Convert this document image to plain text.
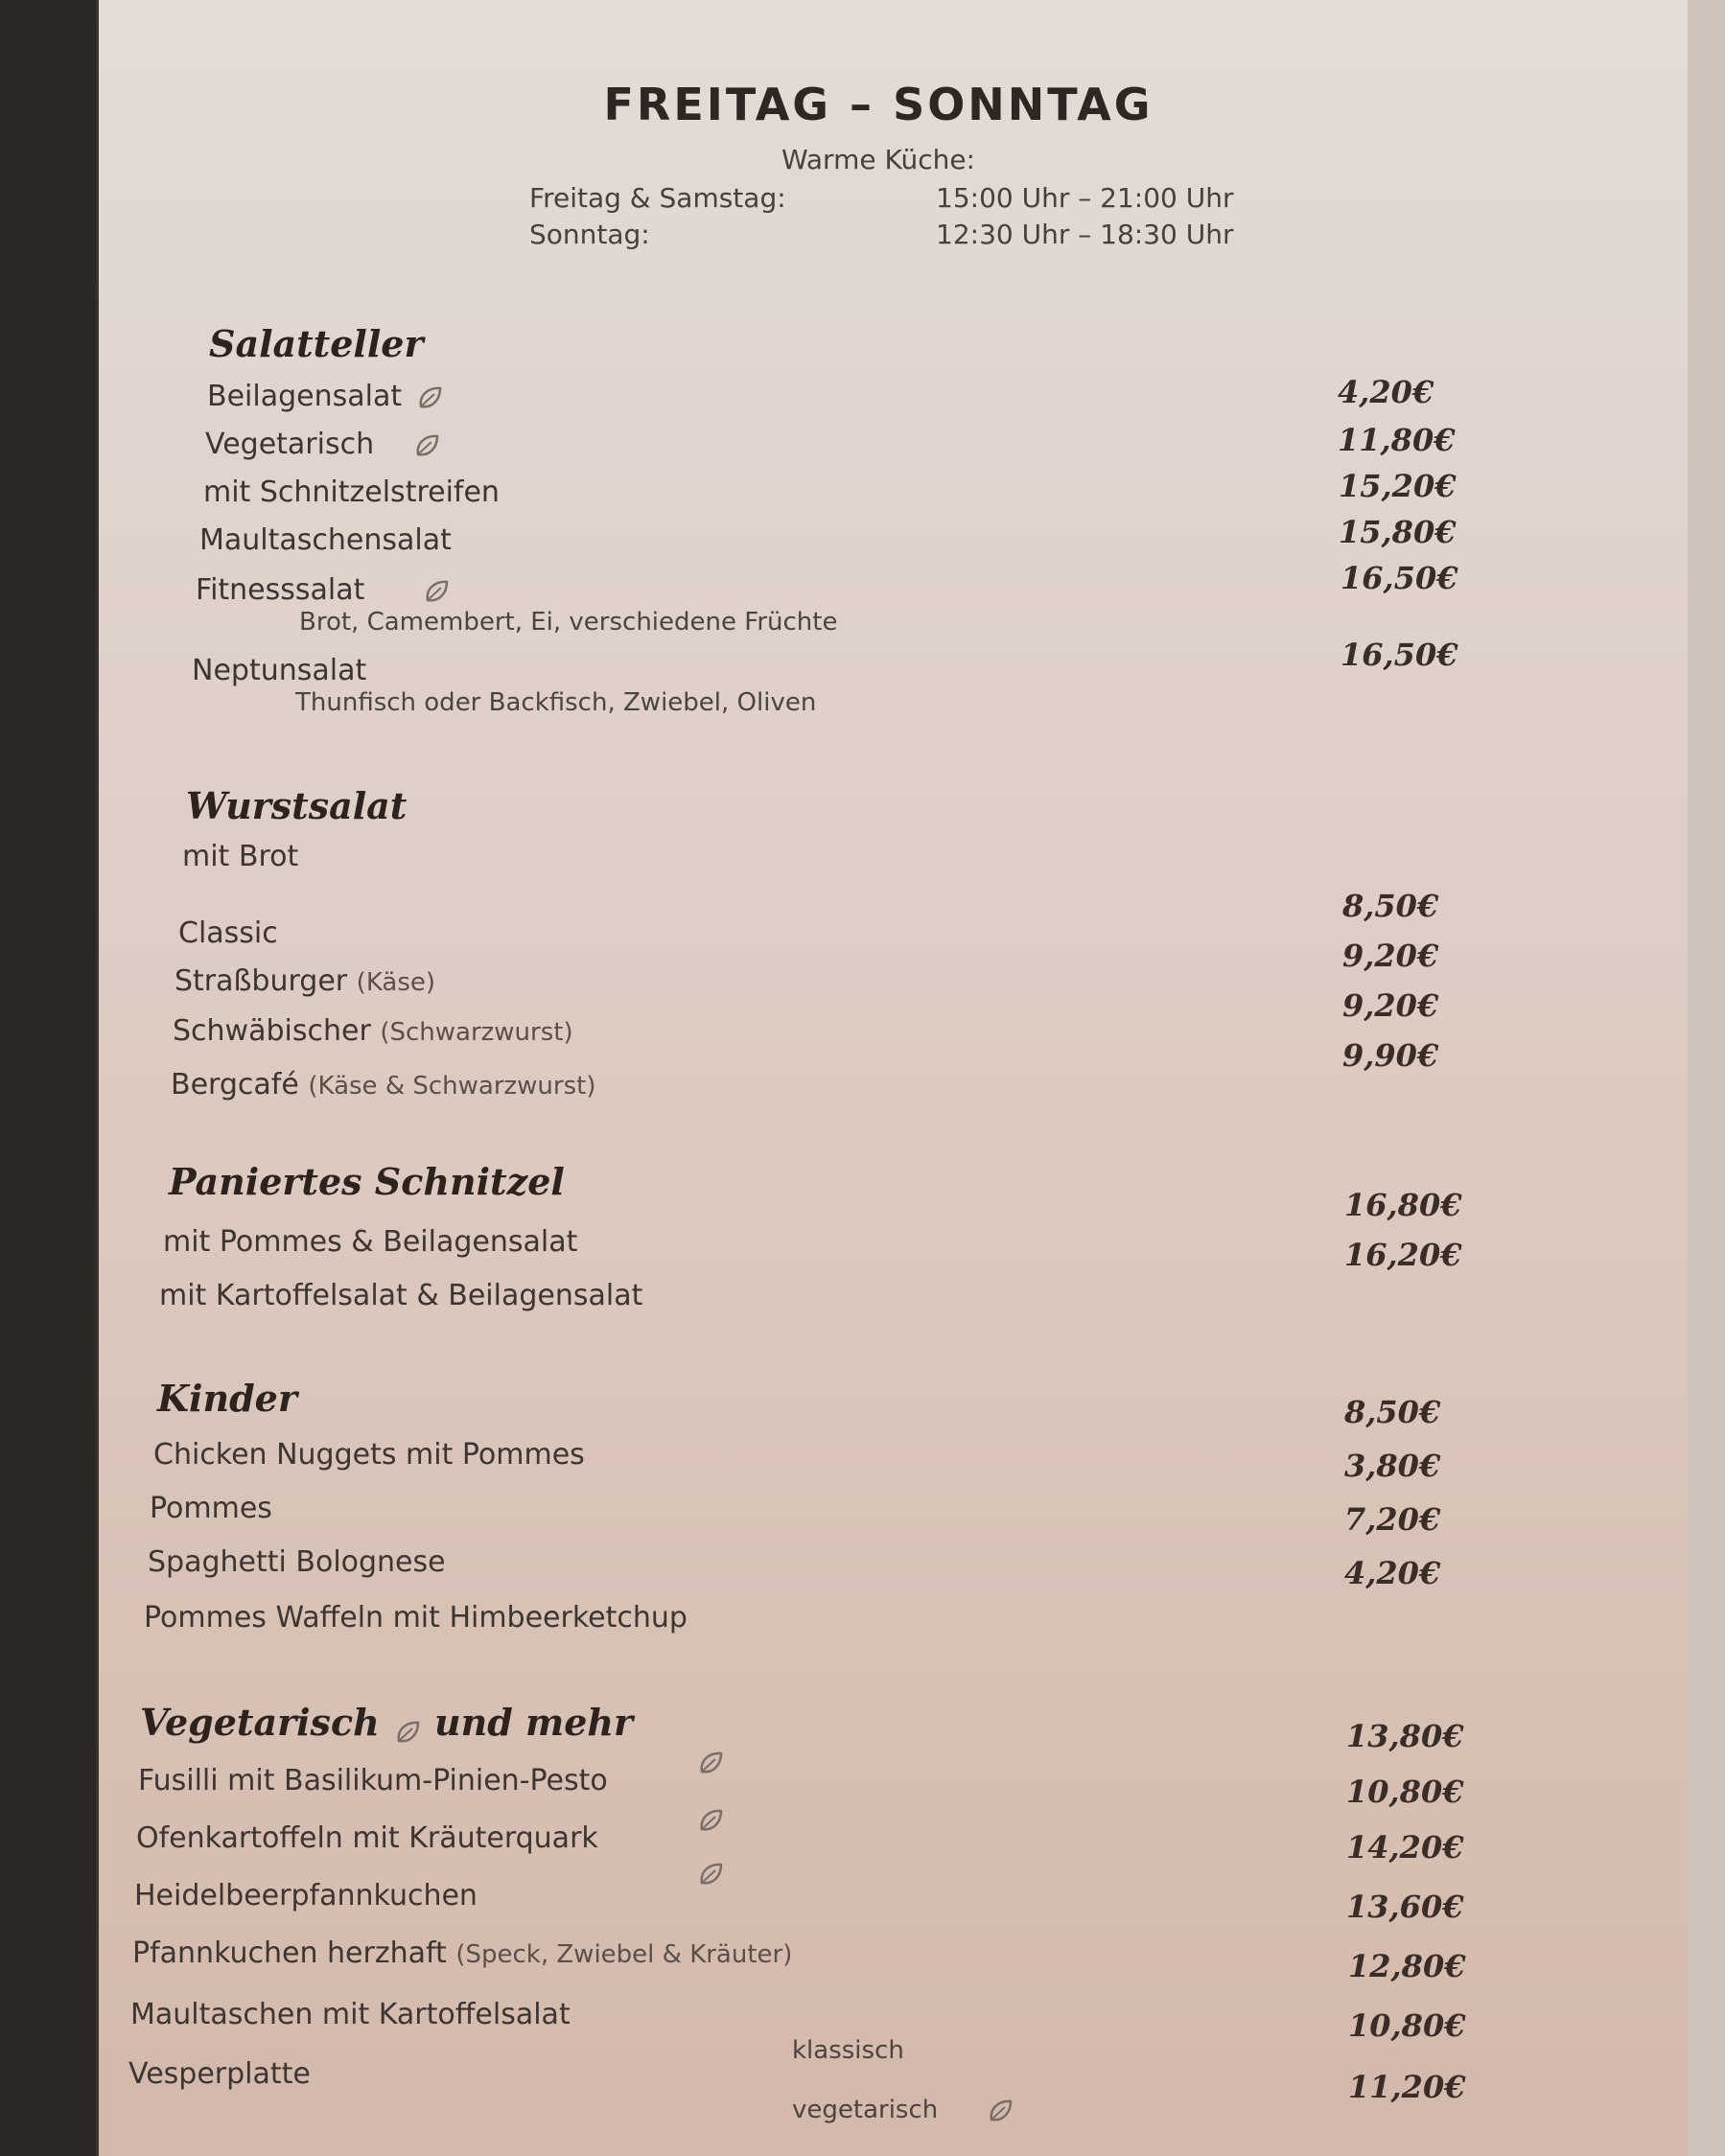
FREITAG – SONNTAG
Warme Küche:
Freitag & Samstag:	15:00 Uhr – 21:00 Uhr
Sonntag:	12:30 Uhr – 18:30 Uhr
Salatteller
Beilagensalat	4,20€
Vegetarisch	11,80€
mit Schnitzelstreifen	15,20€
Maultaschensalat	15,80€
Fitnesssalat	16,50€
Brot, Camembert, Ei, verschiedene Früchte
Neptunsalat	16,50€
Thunfisch oder Backfisch, Zwiebel, Oliven
Wurstsalat
mit Brot
Classic
8,50€
Straßburger (Käse)
9,20€
Schwäbischer (Schwarzwurst)
9,20€
Bergcafé (Käse & Schwarzwurst)
9,90€
Paniertes Schnitzel
mit Pommes & Beilagensalat
16,80€
mit Kartoffelsalat & Beilagensalat
16,20€
Kinder
Chicken Nuggets mit Pommes
8,50€
Pommes
3,80€
Spaghetti Bolognese
7,20€
Pommes Waffeln mit Himbeerketchup
4,20€
Vegetarisch und mehr
Fusilli mit Basilikum-Pinien-Pesto
13,80€
Ofenkartoffeln mit Kräuterquark
10,80€
Heidelbeerpfannkuchen
14,20€
Pfannkuchen herzhaft (Speck, Zwiebel & Kräuter)
13,60€
Maultaschen mit Kartoffelsalat
12,80€
Vesperplatte
klassisch
10,80€
vegetarisch
11,20€
